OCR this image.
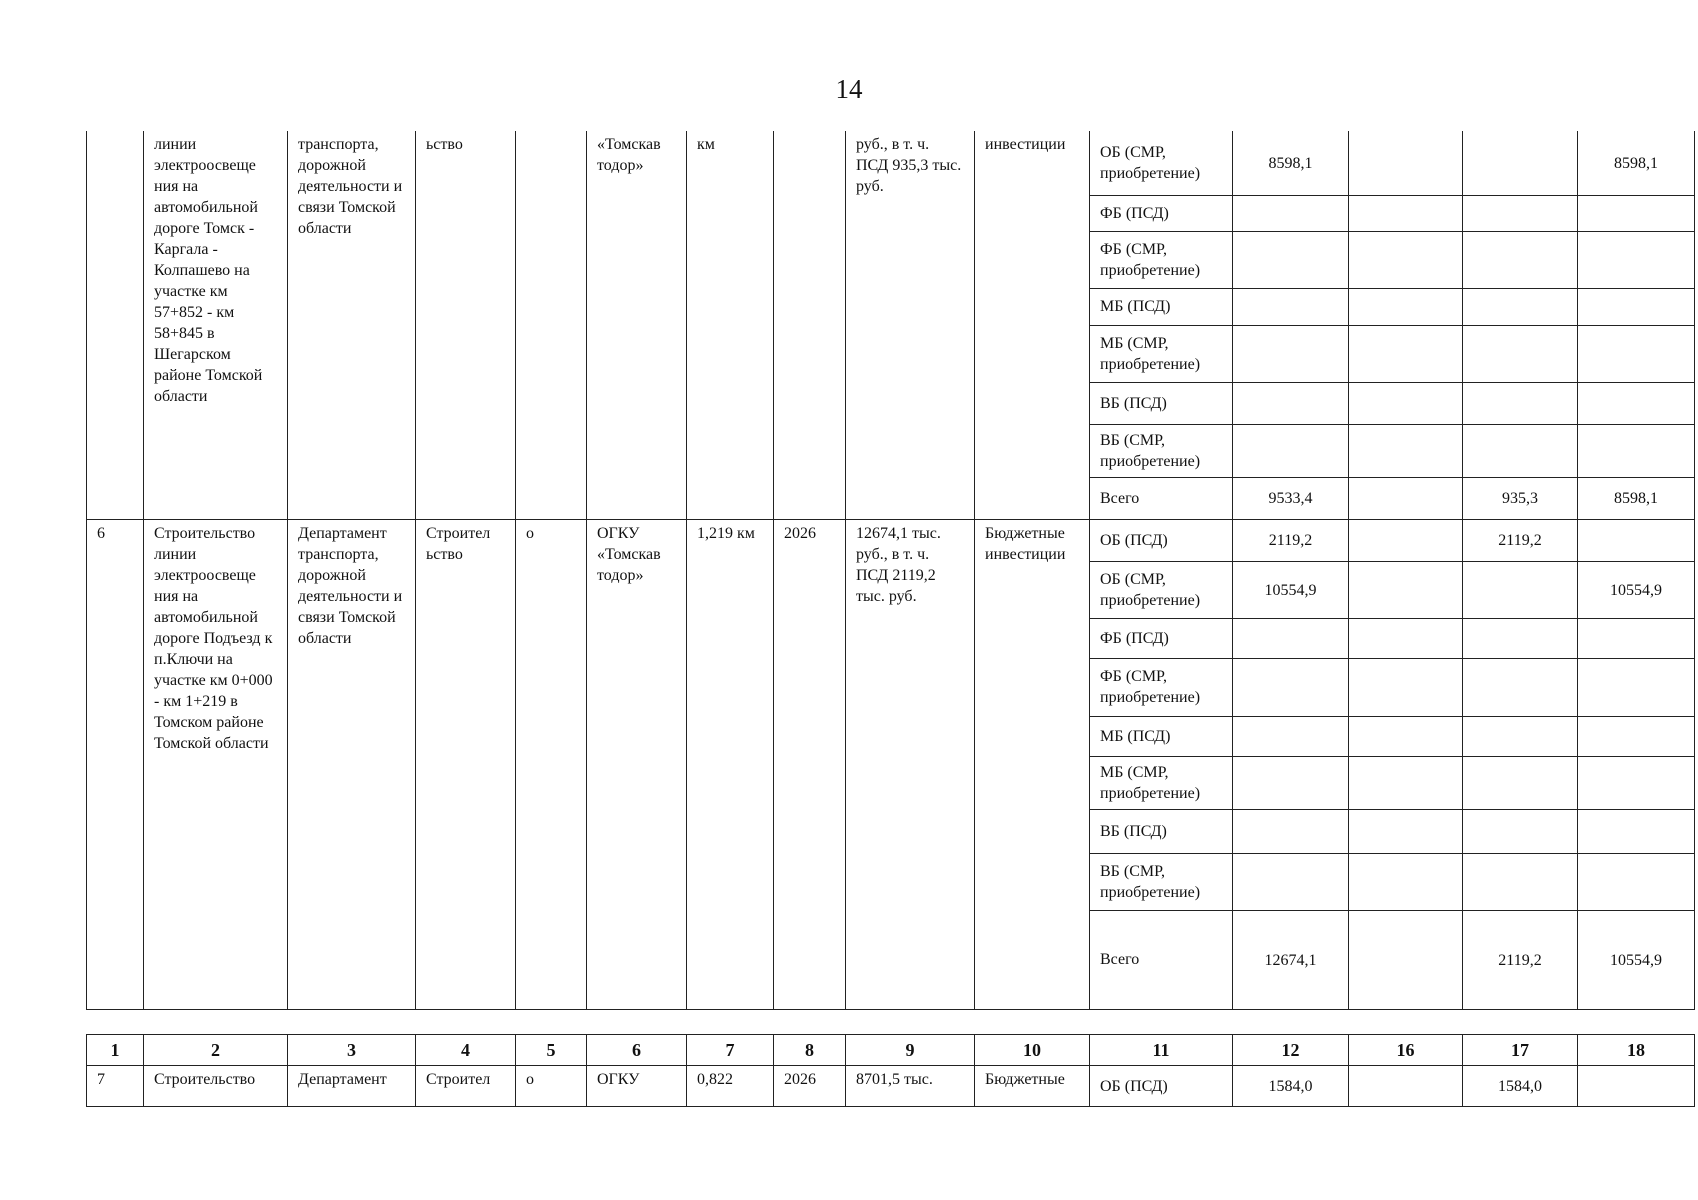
14
	линии электроосвеще ния на автомобильной дороге Томск - Каргала - Колпашево на участке км 57+852 - км 58+845 в Шегарском районе Томской области	транспорта, дорожной деятельности и связи Томской области	ьство		«Томскав тодор»	км		руб., в т. ч. ПСД 935,3 тыс. руб.	инвестиции	ОБ (СМР, приобретение)	8598,1			8598,1
										ФБ (ПСД)				
										ФБ (СМР, приобретение)				
										МБ (ПСД)				
										МБ (СМР, приобретение)				
										ВБ (ПСД)				
										ВБ (СМР, приобретение)				
										Всего	9533,4		935,3	8598,1
6	Строительство линии электроосвеще ния на автомобильной дороге Подъезд к п.Ключи на участке км 0+000 - км 1+219 в Томском районе Томской области	Департамент транспорта, дорожной деятельности и связи Томской области	Строител ьство	о	ОГКУ «Томскав тодор»	1,219 км	2026	12674,1 тыс. руб., в т. ч. ПСД 2119,2 тыс. руб.	Бюджетные инвестиции	ОБ (ПСД)	2119,2		2119,2	
										ОБ (СМР, приобретение)	10554,9			10554,9
										ФБ (ПСД)				
										ФБ (СМР, приобретение)				
										МБ (ПСД)				
										МБ (СМР, приобретение)				
										ВБ (ПСД)				
										ВБ (СМР, приобретение)				
										Всего	12674,1		2119,2	10554,9
1	2	3	4	5	6	7	8	9	10	11	12	16	17	18
7	Строительство	Департамент	Строител	о	ОГКУ	0,822	2026	8701,5 тыс.	Бюджетные	ОБ (ПСД)	1584,0		1584,0	
